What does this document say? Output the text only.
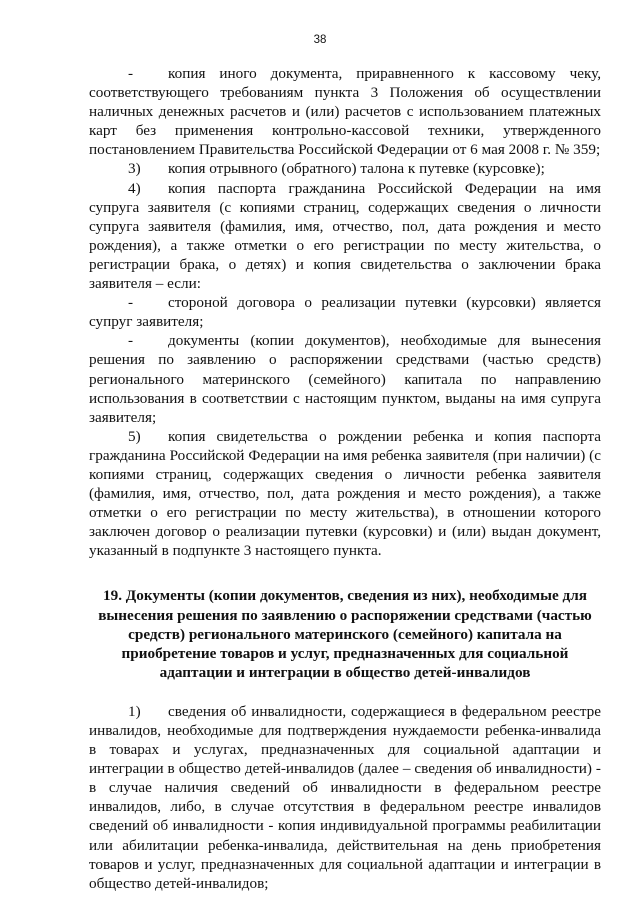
38

- копия иного документа, приравненного к кассовому чеку, соответствующего требованиям пункта 3 Положения об осуществлении наличных денежных расчетов и (или) расчетов с использованием платежных карт без применения контрольно-кассовой техники, утвержденного постановлением Правительства Российской Федерации от 6 мая 2008 г. № 359;

3) копия отрывного (обратного) талона к путевке (курсовке);

4) копия паспорта гражданина Российской Федерации на имя супруга заявителя (с копиями страниц, содержащих сведения о личности супруга заявителя (фамилия, имя, отчество, пол, дата рождения и место рождения), а также отметки о его регистрации по месту жительства, о регистрации брака, о детях) и копия свидетельства о заключении брака заявителя – если:

- стороной договора о реализации путевки (курсовки) является супруг заявителя;

- документы (копии документов), необходимые для вынесения решения по заявлению о распоряжении средствами (частью средств) регионального материнского (семейного) капитала по направлению использования в соответствии с настоящим пунктом, выданы на имя супруга заявителя;

5) копия свидетельства о рождении ребенка и копия паспорта гражданина Российской Федерации на имя ребенка заявителя (при наличии) (с копиями страниц, содержащих сведения о личности ребенка заявителя (фамилия, имя, отчество, пол, дата рождения и место рождения), а также отметки о его регистрации по месту жительства), в отношении которого заключен договор о реализации путевки (курсовки) и (или) выдан документ, указанный в подпункте 3 настоящего пункта.

19. Документы (копии документов, сведения из них), необходимые для вынесения решения по заявлению о распоряжении средствами (частью средств) регионального материнского (семейного) капитала на приобретение товаров и услуг, предназначенных для социальной адаптации и интеграции в общество детей-инвалидов

1) сведения об инвалидности, содержащиеся в федеральном реестре инвалидов, необходимые для подтверждения нуждаемости ребенка-инвалида в товарах и услугах, предназначенных для социальной адаптации и интеграции в общество детей-инвалидов (далее – сведения об инвалидности) - в случае наличия сведений об инвалидности в федеральном реестре инвалидов, либо, в случае отсутствия в федеральном реестре инвалидов сведений об инвалидности - копия индивидуальной программы реабилитации или абилитации ребенка-инвалида, действительная на день приобретения товаров и услуг, предназначенных для социальной адаптации и интеграции в общество детей-инвалидов;
